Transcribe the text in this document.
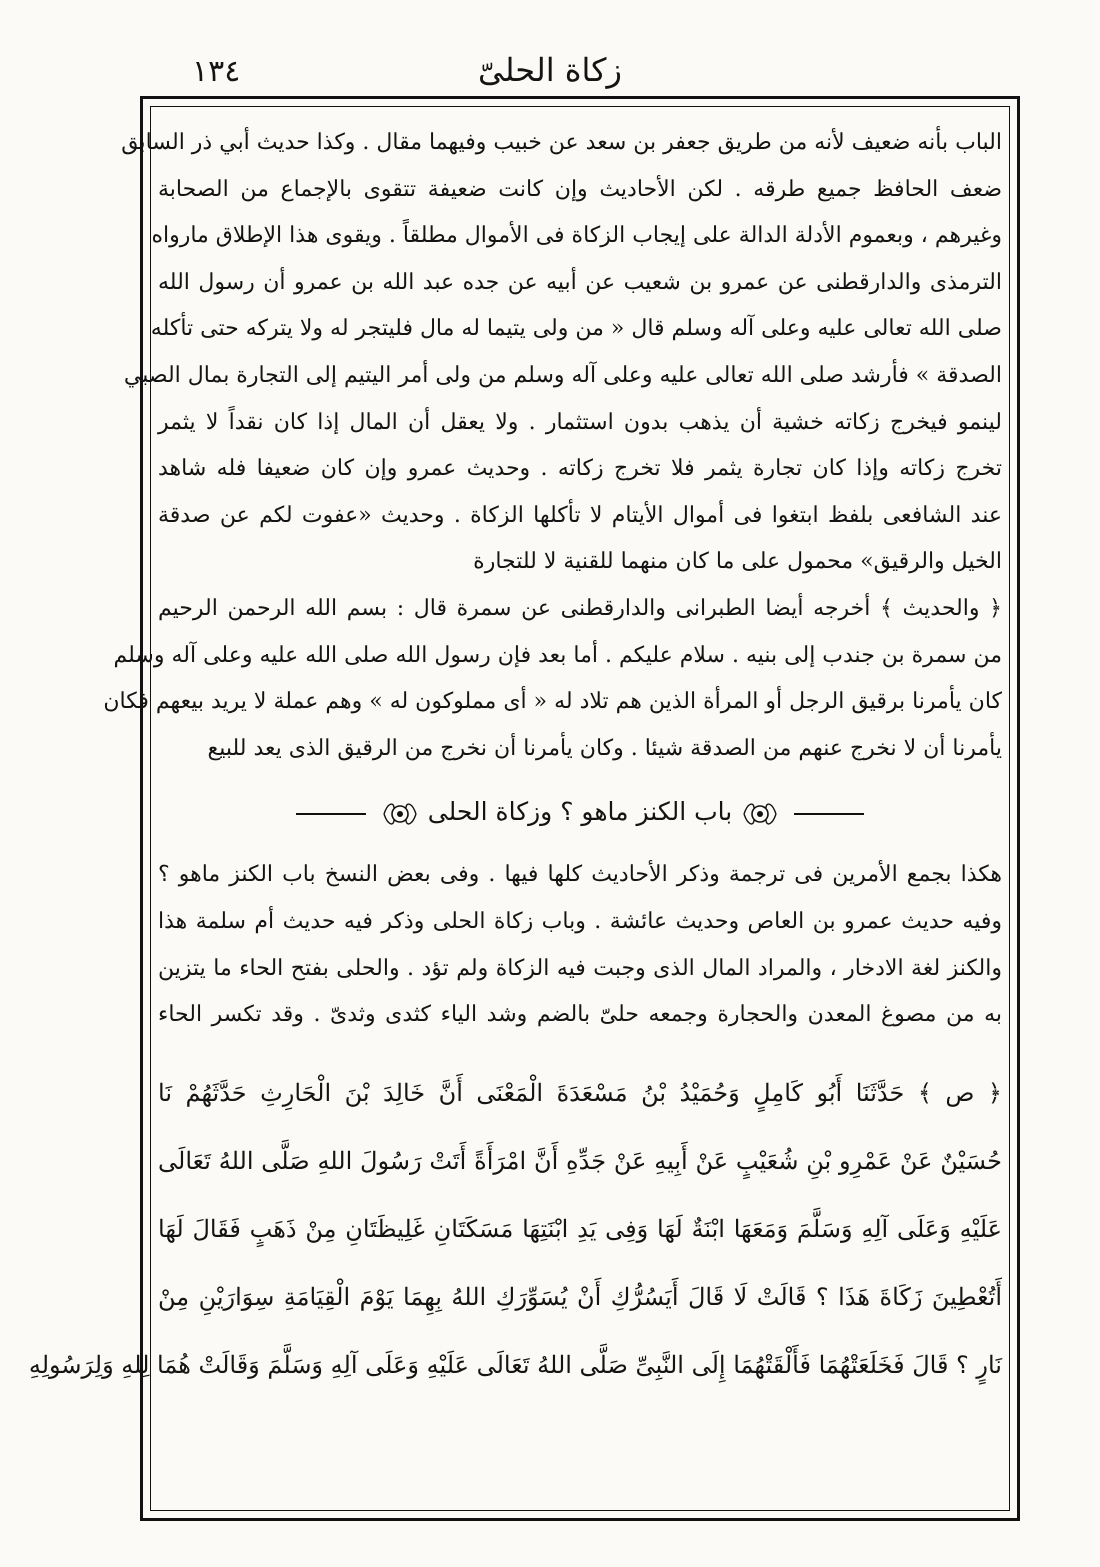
١٣٤	زكاة الحلىّ
الباب بأنه ضعيف لأنه من طريق جعفر بن سعد عن خبيب وفيهما مقال . وكذا حديث أبي ذر السابق
ضعف الحافظ جميع طرقه . لكن الأحاديث وإن كانت ضعيفة تتقوى بالإجماع من الصحابة
وغيرهم ، وبعموم الأدلة الدالة على إيجاب الزكاة فى الأموال مطلقاً . ويقوى هذا الإطلاق مارواه
الترمذى والدارقطنى عن عمرو بن شعيب عن أبيه عن جده عبد الله بن عمرو أن رسول الله
صلى الله تعالى عليه وعلى آله وسلم قال « من ولى يتيما له مال فليتجر له ولا يتركه حتى تأكله
الصدقة » فأرشد صلى الله تعالى عليه وعلى آله وسلم من ولى أمر اليتيم إلى التجارة بمال الصبي
لينمو فيخرج زكاته خشية أن يذهب بدون استثمار . ولا يعقل أن المال إذا كان نقداً لا يثمر
تخرج زكاته وإذا كان تجارة يثمر فلا تخرج زكاته . وحديث عمرو وإن كان ضعيفا فله شاهد
عند الشافعى بلفظ ابتغوا فى أموال الأيتام لا تأكلها الزكاة . وحديث «عفوت لكم عن صدقة
الخيل والرقيق» محمول على ما كان منهما للقنية لا للتجارة
﴿ والحديث ﴾ أخرجه أيضا الطبرانى والدارقطنى عن سمرة قال : بسم الله الرحمن الرحيم
من سمرة بن جندب إلى بنيه . سلام عليكم . أما بعد فإن رسول الله صلى الله عليه وعلى آله وسلم
كان يأمرنا برقيق الرجل أو المرأة الذين هم تلاد له « أى مملوكون له » وهم عملة لا يريد بيعهم فكان
يأمرنا أن لا نخرج عنهم من الصدقة شيئا . وكان يأمرنا أن نخرج من الرقيق الذى يعد للبيع
باب الكنز ماهو ؟ وزكاة الحلى
هكذا بجمع الأمرين فى ترجمة وذكر الأحاديث كلها فيها . وفى بعض النسخ باب الكنز ماهو ؟
وفيه حديث عمرو بن العاص وحديث عائشة . وباب زكاة الحلى وذكر فيه حديث أم سلمة هذا
والكنز لغة الادخار ، والمراد المال الذى وجبت فيه الزكاة ولم تؤد . والحلى بفتح الحاء ما يتزين
به من مصوغ المعدن والحجارة وجمعه حلىّ بالضم وشد الياء كثدى وثدىّ . وقد تكسر الحاء
﴿ ص ﴾ حَدَّثَنَا أَبُو كَامِلٍ وَحُمَيْدُ بْنُ مَسْعَدَةَ الْمَعْنَى أَنَّ خَالِدَ بْنَ الْحَارِثِ حَدَّثَهُمْ نَا
حُسَيْنٌ عَنْ عَمْرِو بْنِ شُعَيْبٍ عَنْ أَبِيهِ عَنْ جَدِّهِ أَنَّ امْرَأَةً أَتَتْ رَسُولَ اللهِ صَلَّى اللهُ تَعَالَى
عَلَيْهِ وَعَلَى آلِهِ وَسَلَّمَ وَمَعَهَا ابْنَةٌ لَهَا وَفِى يَدِ ابْنَتِهَا مَسَكَتَانِ غَلِيظَتَانِ مِنْ ذَهَبٍ فَقَالَ لَهَا
أَتُعْطِينَ زَكَاةَ هَذَا ؟ قَالَتْ لَا قَالَ أَيَسُرُّكِ أَنْ يُسَوِّرَكِ اللهُ بِهِمَا يَوْمَ الْقِيَامَةِ سِوَارَيْنِ مِنْ
نَارٍ ؟ قَالَ فَخَلَعَتْهُمَا فَأَلْقَتْهُمَا إِلَى النَّبِىِّ صَلَّى اللهُ تَعَالَى عَلَيْهِ وَعَلَى آلِهِ وَسَلَّمَ وَقَالَتْ هُمَا لِلهِ وَلِرَسُولِهِ
